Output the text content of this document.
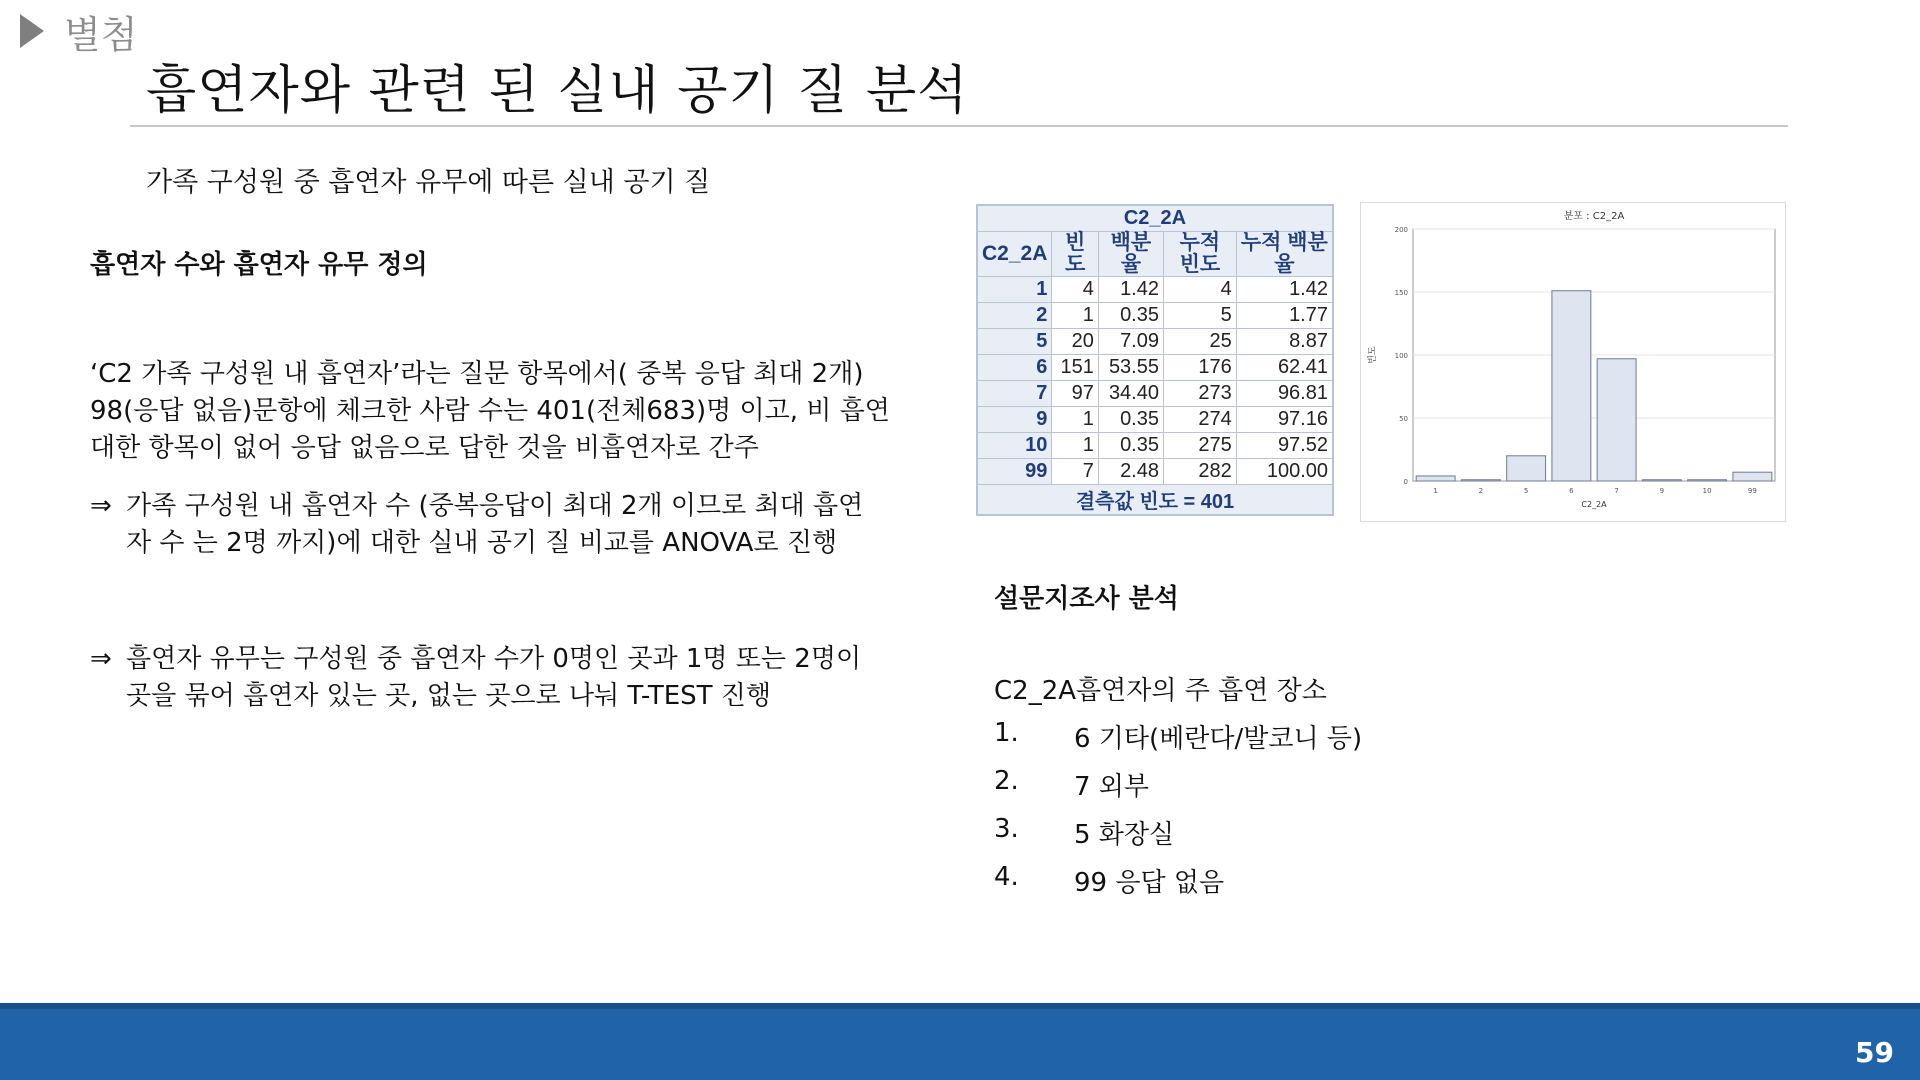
별첨
흡연자와 관련 된 실내 공기 질 분석
가족 구성원 중 흡연자 유무에 따른 실내 공기 질
흡연자 수와 흡연자 유무 정의
‘C2 가족 구성원 내 흡연자’라는 질문 항목에서( 중복 응답 최대 2개)
98(응답 없음)문항에 체크한 사람 수는 401(전체683)명 이고, 비 흡연
대한 항목이 없어 응답 없음으로 답한 것을 비흡연자로 간주
⇒ 가족 구성원 내 흡연자 수 (중복응답이 최대 2개 이므로 최대 흡연
자 수 는 2명 까지)에 대한 실내 공기 질 비교를 ANOVA로 진행
⇒ 흡연자 유무는 구성원 중 흡연자 수가 0명인 곳과 1명 또는 2명이
곳을 묶어 흡연자 있는 곳, 없는 곳으로 나눠 T-TEST 진행
C2_2A				
C2_2A	빈도	백분율	누적 빈도	누적 백분율
1	4	1.42	4	1.42
2	1	0.35	5	1.77
5	20	7.09	25	8.87
6	151	53.55	176	62.41
7	97	34.40	273	96.81
9	1	0.35	274	97.16
10	1	0.35	275	97.52
99	7	2.48	282	100.00
결측값 빈도 = 401				
분포 : C2_2A
0
50
100
150
200
빈도
1	2	5	6	7	9	10	99
C2_2A
설문지조사 분석
C2_2A흡연자의 주 흡연 장소
1.	6 기타(베란다/발코니 등)
2.	7 외부
3.	5 화장실
4.	99 응답 없음
59
